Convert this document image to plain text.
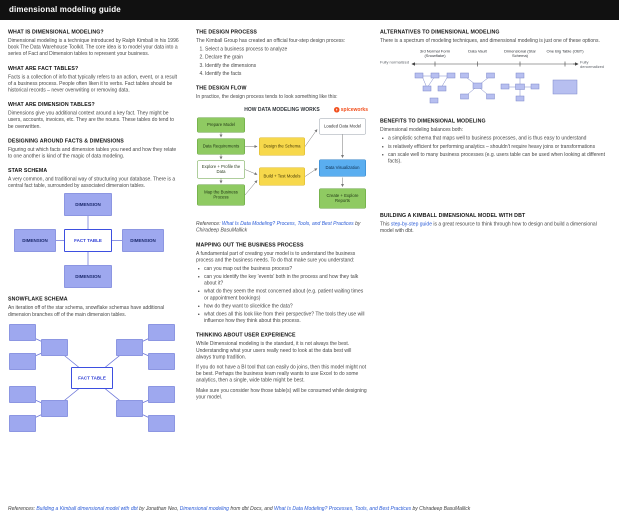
dimensional modeling guide
WHAT IS DIMENSIONAL MODELING?

Dimensional modeling is a technique introduced by Ralph Kimball in his 1996 book The Data Warehouse Toolkit. The core idea is to model your data into a series of Fact and Dimension tables to represent your business.

WHAT ARE FACT TABLES?

Facts is a collection of info that typically refers to an action, event, or a result of a business process. People often liken it to verbs. Fact tables should be historical records – never overwriting or removing data.

WHAT ARE DIMENSION TABLES?

Dimensions give you additional context around a key fact. They might be users, accounts, invoices, etc. They are the nouns. These tables do tend to be overwritten.

DESIGNING AROUND FACTS & DIMENSIONS

Figuring out which facts and dimension tables you need and how they relate to one another is kind of the magic of data modeling.

STAR SCHEMA

A very common, and traditional way of structuring your database. There is a central fact table, surrounded by associated dimension tables.

DIMENSION
DIMENSION	FACT TABLE	DIMENSION
DIMENSION
SNOWFLAKE SCHEMA

An iteration off of the star schema, snowflake schemas have additional dimension branches off of the main dimension tables.

FACT TABLE
THE DESIGN PROCESS

The Kimball Group has created an official four-step design process:

1. Select a business process to analyze
2. Declare the grain
3. Identify the dimensions
4. Identify the facts
THE DESIGN FLOW

In practice, the design process tends to look something like this:

spiceworks
HOW DATA MODELING WORKS
Prepare Model
Data Requirements
Explore + Profile the Data
Map the Business Process
Design the Schema
Build + Test Models
Loaded Data Model
Data Visualization
Create + Explore Reports

Reference: What Is Data Modeling? Process, Tools, and Best Practices by Chiradeep BasuMallick

MAPPING OUT THE BUSINESS PROCESS

A fundamental part of creating your model is to understand the business process and the business needs. To do that make sure you understand:

• can you map out the business process?
• can you identify the key 'events' both in the process and how they talk about it?
• what do they seem the most concerned about (e.g. patient waiting times or appointment bookings)
• how do they want to slice/dice the data?
• what does all this look like from their perspective? The tools they use will influence how they think about this process.
THINKING ABOUT USER EXPERIENCE

While Dimensional modeling is the standard, it is not always the best. Understanding what your users really need to look at the data best will always trump tradition.

If you do not have a BI tool that can easily do joins, then this model might not be best. Perhaps the business team really wants to use Excel to do some analytics, then a single, wide table might be best.

Make sure you consider how those table(s) will be consumed while designing your model.

ALTERNATIVES TO DIMENSIONAL MODELING

There is a spectrum of modeling techniques, and dimensional modeling is just one of these options.

Fully normalized	Fully denormalized
3rd Normal Form (Snowflake)
Data Vault	Dimensional (Star Schema)
One Big Table (OBT)
BENEFITS TO DIMENSIONAL MODELING

Dimensional modeling balances both:

• a simplistic schema that maps well to business processes, and is thus easy to understand
• is relatively efficient for performing analytics – shouldn't require heavy joins or transformations
• can scale well to many business processes (e.g. users table can be used when looking at different facts).
BUILDING A KIMBALL DIMENSIONAL MODEL WITH DBT

This step-by-step guide is a great resource to think through how to design and build a dimensional model with dbt.

References: Building a Kimball dimensional model with dbt by Jonathan Neo, Dimensional modeling from dbt Docs, and What Is Data Modeling? Processes, Tools, and Best Practices by Chiradeep BasuMallick
